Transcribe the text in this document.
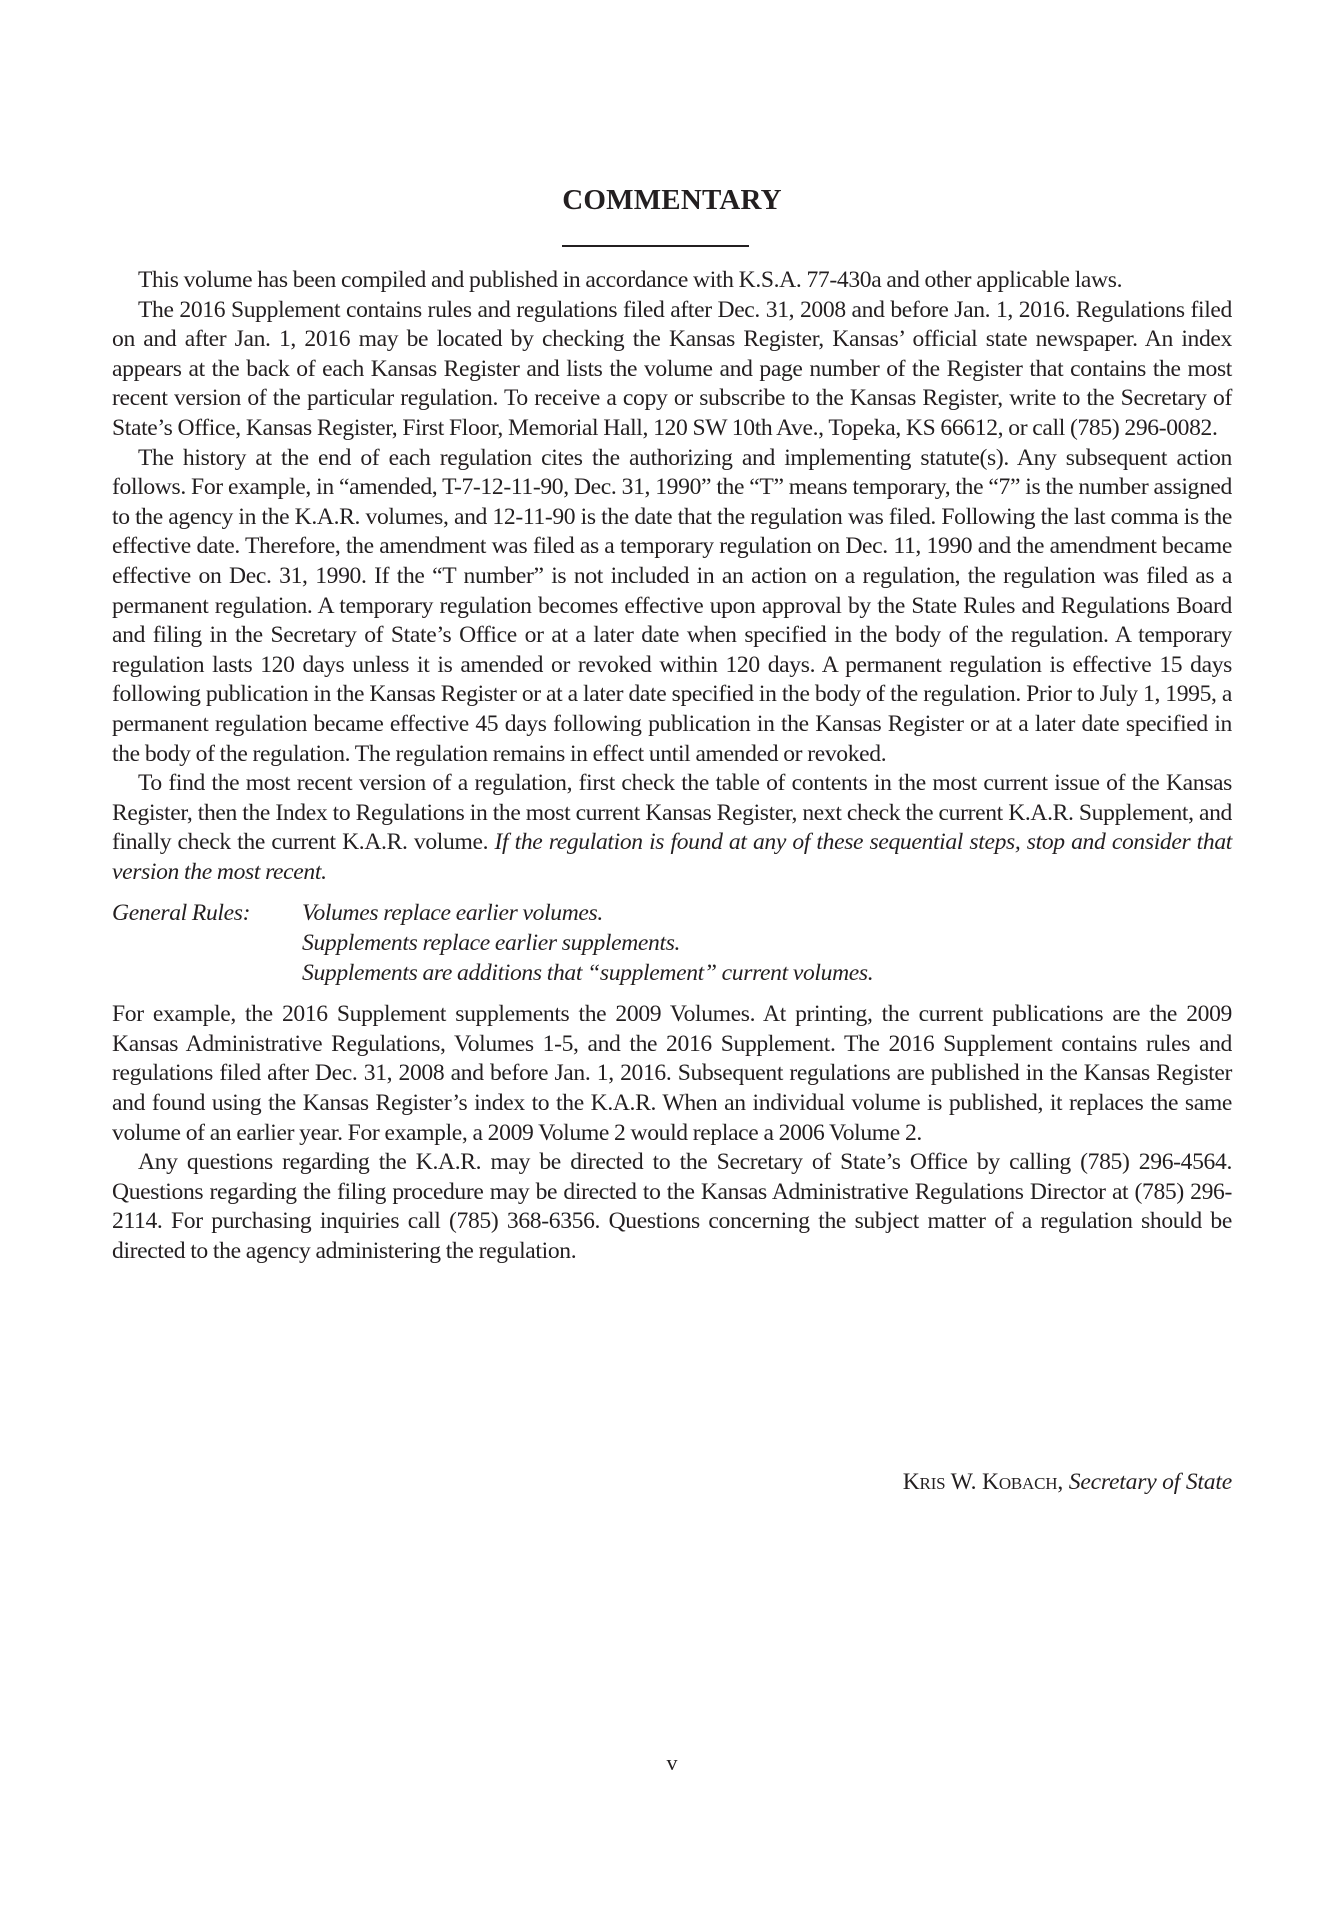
COMMENTARY

This volume has been compiled and published in accordance with K.S.A. 77-430a and other applicable laws.

The 2016 Supplement contains rules and regulations filed after Dec. 31, 2008 and before Jan. 1, 2016. Regulations filed on and after Jan. 1, 2016 may be located by checking the Kansas Register, Kansas’ official state newspaper. An index appears at the back of each Kansas Register and lists the volume and page number of the Register that contains the most recent version of the particular regulation. To receive a copy or subscribe to the Kansas Register, write to the Secretary of State’s Office, Kansas Register, First Floor, Memorial Hall, 120 SW 10th Ave., Topeka, KS 66612, or call (785) 296-0082.

The history at the end of each regulation cites the authorizing and implementing statute(s). Any subsequent action follows. For example, in “amended, T-7-12-11-90, Dec. 31, 1990” the “T” means temporary, the “7” is the number assigned to the agency in the K.A.R. volumes, and 12-11-90 is the date that the regulation was filed. Following the last comma is the effective date. Therefore, the amendment was filed as a temporary regulation on Dec. 11, 1990 and the amendment became effective on Dec. 31, 1990. If the “T number” is not included in an action on a regulation, the regulation was filed as a permanent regulation. A temporary regulation becomes effective upon approval by the State Rules and Regulations Board and filing in the Secretary of State’s Office or at a later date when specified in the body of the regulation. A temporary regulation lasts 120 days unless it is amended or revoked within 120 days. A permanent regulation is effective 15 days following publication in the Kansas Register or at a later date specified in the body of the regulation. Prior to July 1, 1995, a permanent regulation became effective 45 days following publication in the Kansas Register or at a later date specified in the body of the regulation. The regulation remains in effect until amended or revoked.

To find the most recent version of a regulation, first check the table of contents in the most current issue of the Kansas Register, then the Index to Regulations in the most current Kansas Register, next check the current K.A.R. Supplement, and finally check the current K.A.R. volume. If the regulation is found at any of these sequential steps, stop and consider that version the most recent.

General Rules:	Volumes replace earlier volumes.
Supplements replace earlier supplements.
Supplements are additions that “supplement” current volumes.

For example, the 2016 Supplement supplements the 2009 Volumes. At printing, the current publications are the 2009 Kansas Administrative Regulations, Volumes 1-5, and the 2016 Supplement. The 2016 Supplement contains rules and regulations filed after Dec. 31, 2008 and before Jan. 1, 2016. Subsequent regulations are published in the Kansas Register and found using the Kansas Register’s index to the K.A.R. When an individual volume is published, it replaces the same volume of an earlier year. For example, a 2009 Volume 2 would replace a 2006 Volume 2.

Any questions regarding the K.A.R. may be directed to the Secretary of State’s Office by calling (785) 296-4564. Questions regarding the filing procedure may be directed to the Kansas Administrative Regulations Director at (785) 296-2114. For purchasing inquiries call (785) 368-6356. Questions concerning the subject matter of a regulation should be directed to the agency administering the regulation.

Kris W. Kobach, Secretary of State
v
